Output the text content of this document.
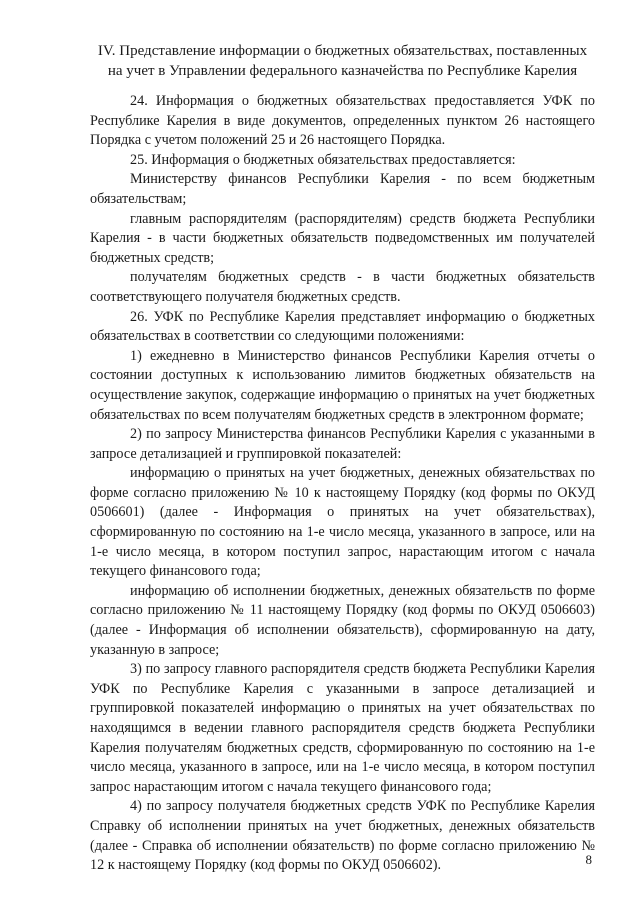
IV. Представление информации о бюджетных обязательствах, поставленных
на учет в Управлении федерального казначейства по Республике Карелия

24. Информация о бюджетных обязательствах предоставляется УФК по Республике Карелия в виде документов, определенных пунктом 26 настоящего Порядка с учетом положений 25 и 26 настоящего Порядка.

25. Информация о бюджетных обязательствах предоставляется:

Министерству финансов Республики Карелия - по всем бюджетным обязательствам;

главным распорядителям (распорядителям) средств бюджета Республики Карелия - в части бюджетных обязательств подведомственных им получателей бюджетных средств;

получателям бюджетных средств - в части бюджетных обязательств соответствующего получателя бюджетных средств.

26. УФК по Республике Карелия представляет информацию о бюджетных обязательствах в соответствии со следующими положениями:

1) ежедневно в Министерство финансов Республики Карелия отчеты о состоянии доступных к использованию лимитов бюджетных обязательств на осуществление закупок, содержащие информацию о принятых на учет бюджетных обязательствах по всем получателям бюджетных средств в электронном формате;

2) по запросу Министерства финансов Республики Карелия с указанными в запросе детализацией и группировкой показателей:

информацию о принятых на учет бюджетных, денежных обязательствах по форме согласно приложению № 10 к настоящему Порядку (код формы по ОКУД 0506601) (далее - Информация о принятых на учет обязательствах), сформированную по состоянию на 1-е число месяца, указанного в запросе, или на 1-е число месяца, в котором поступил запрос, нарастающим итогом с начала текущего финансового года;

информацию об исполнении бюджетных, денежных обязательств по форме согласно приложению № 11 настоящему Порядку (код формы по ОКУД 0506603) (далее - Информация об исполнении обязательств), сформированную на дату, указанную в запросе;

3) по запросу главного распорядителя средств бюджета Республики Карелия УФК по Республике Карелия с указанными в запросе детализацией и группировкой показателей информацию о принятых на учет обязательствах по находящимся в ведении главного распорядителя средств бюджета Республики Карелия получателям бюджетных средств, сформированную по состоянию на 1-е число месяца, указанного в запросе, или на 1-е число месяца, в котором поступил запрос нарастающим итогом с начала текущего финансового года;

4) по запросу получателя бюджетных средств УФК по Республике Карелия Справку об исполнении принятых на учет бюджетных, денежных обязательств (далее - Справка об исполнении обязательств) по форме согласно приложению № 12 к настоящему Порядку (код формы по ОКУД 0506602).	8
